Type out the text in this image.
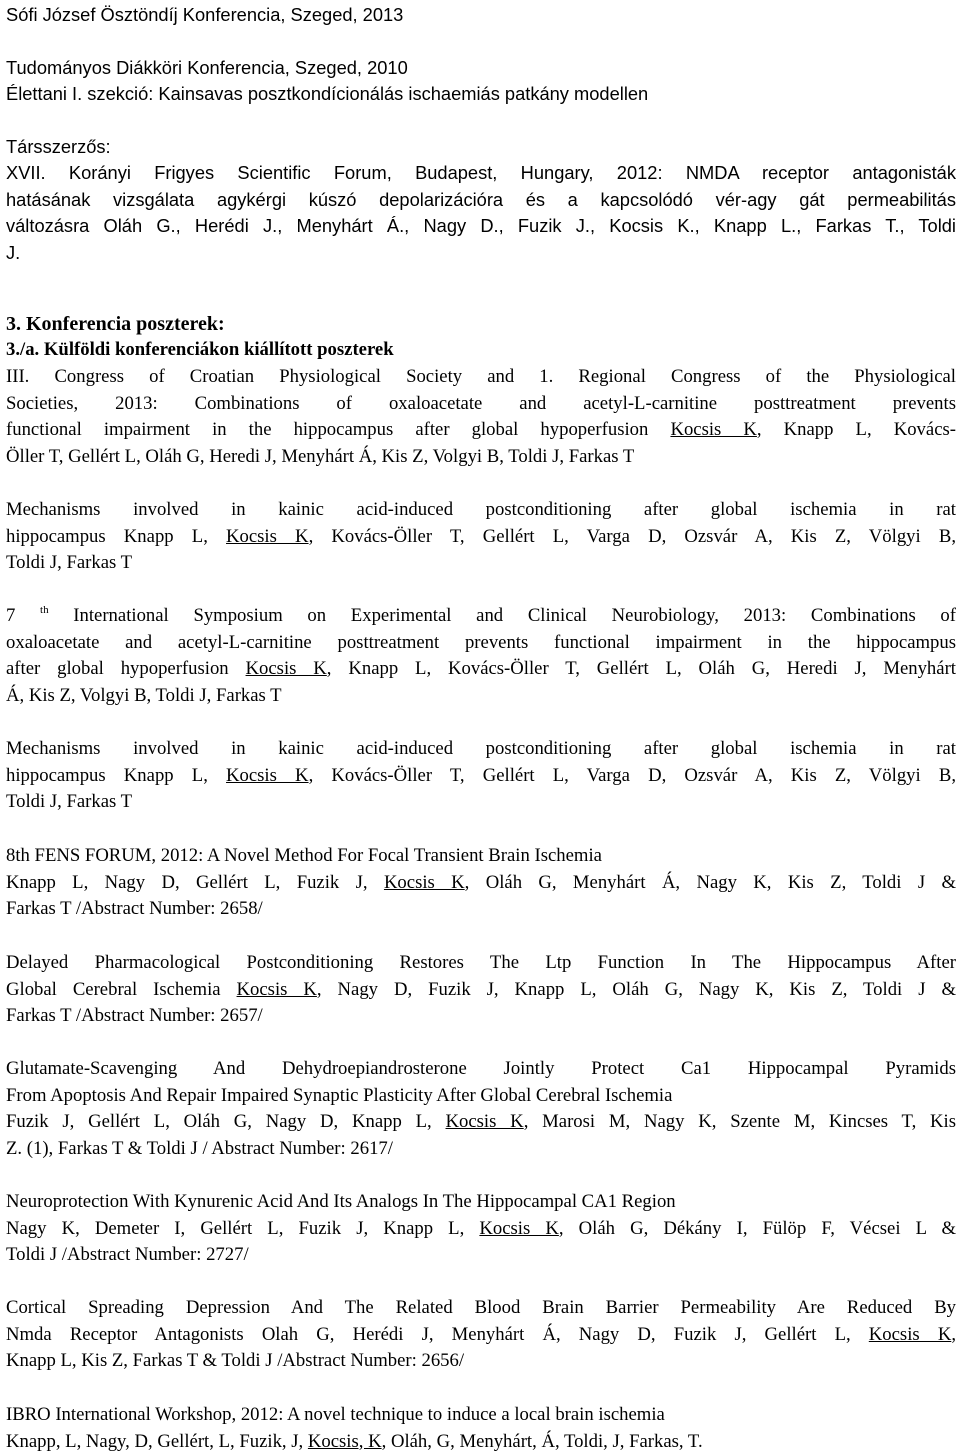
Sófi József Ösztöndíj Konferencia, Szeged, 2013
Tudományos Diákköri Konferencia, Szeged, 2010
Élettani I. szekció: Kainsavas posztkondícionálás ischaemiás patkány modellen
Társszerzős:
XVII. Korányi Frigyes Scientific Forum, Budapest, Hungary, 2012: NMDA receptor antagonisták
hatásának vizsgálata agykérgi kúszó depolarizációra és a kapcsolódó vér-agy gát permeabilitás
változásra Oláh G., Herédi J., Menyhárt Á., Nagy D., Fuzik J., Kocsis K., Knapp L., Farkas T., Toldi
J.
3. Konferencia poszterek:
3./a. Külföldi konferenciákon kiállított poszterek
III. Congress of Croatian Physiological Society and 1. Regional Congress of the Physiological
Societies, 2013: Combinations of oxaloacetate and acetyl-L-carnitine posttreatment prevents
functional impairment in the hippocampus after global hypoperfusion Kocsis K, Knapp L, Kovács-
Öller T, Gellért L, Oláh G, Heredi J, Menyhárt Á, Kis Z, Volgyi B, Toldi J, Farkas T
Mechanisms involved in kainic acid-induced postconditioning after global ischemia in rat
hippocampus Knapp L, Kocsis K, Kovács-Öller T, Gellért L, Varga D, Ozsvár A, Kis Z, Völgyi B,
Toldi J, Farkas T
7 $^{th}$ International Symposium on Experimental and Clinical Neurobiology, 2013: Combinations of
oxaloacetate and acetyl-L-carnitine posttreatment prevents functional impairment in the hippocampus
after global hypoperfusion Kocsis K, Knapp L, Kovács-Öller T, Gellért L, Oláh G, Heredi J, Menyhárt
Á, Kis Z, Volgyi B, Toldi J, Farkas T
Mechanisms involved in kainic acid-induced postconditioning after global ischemia in rat
hippocampus Knapp L, Kocsis K, Kovács-Öller T, Gellért L, Varga D, Ozsvár A, Kis Z, Völgyi B,
Toldi J, Farkas T
8th FENS FORUM, 2012: A Novel Method For Focal Transient Brain Ischemia
Knapp L, Nagy D, Gellért L, Fuzik J, Kocsis K, Oláh G, Menyhárt Á, Nagy K, Kis Z, Toldi J &
Farkas T /Abstract Number: 2658/
Delayed Pharmacological Postconditioning Restores The Ltp Function In The Hippocampus After
Global Cerebral Ischemia Kocsis K, Nagy D, Fuzik J, Knapp L, Oláh G, Nagy K, Kis Z, Toldi J &
Farkas T /Abstract Number: 2657/
Glutamate-Scavenging And Dehydroepiandrosterone Jointly Protect Ca1 Hippocampal Pyramids
From Apoptosis And Repair Impaired Synaptic Plasticity After Global Cerebral Ischemia
Fuzik J, Gellért L, Oláh G, Nagy D, Knapp L, Kocsis K, Marosi M, Nagy K, Szente M, Kincses T, Kis
Z. (1), Farkas T & Toldi J / Abstract Number: 2617/
Neuroprotection With Kynurenic Acid And Its Analogs In The Hippocampal CA1 Region
Nagy K, Demeter I, Gellért L, Fuzik J, Knapp L, Kocsis K, Oláh G, Dékány I, Fülöp F, Vécsei L &
Toldi J /Abstract Number: 2727/
Cortical Spreading Depression And The Related Blood Brain Barrier Permeability Are Reduced By
Nmda Receptor Antagonists Olah G, Herédi J, Menyhárt Á, Nagy D, Fuzik J, Gellért L, Kocsis K,
Knapp L, Kis Z, Farkas T & Toldi J /Abstract Number: 2656/
IBRO International Workshop, 2012: A novel technique to induce a local brain ischemia
Knapp, L, Nagy, D, Gellért, L, Fuzik, J, Kocsis, K, Oláh, G, Menyhárt, Á, Toldi, J, Farkas, T.
